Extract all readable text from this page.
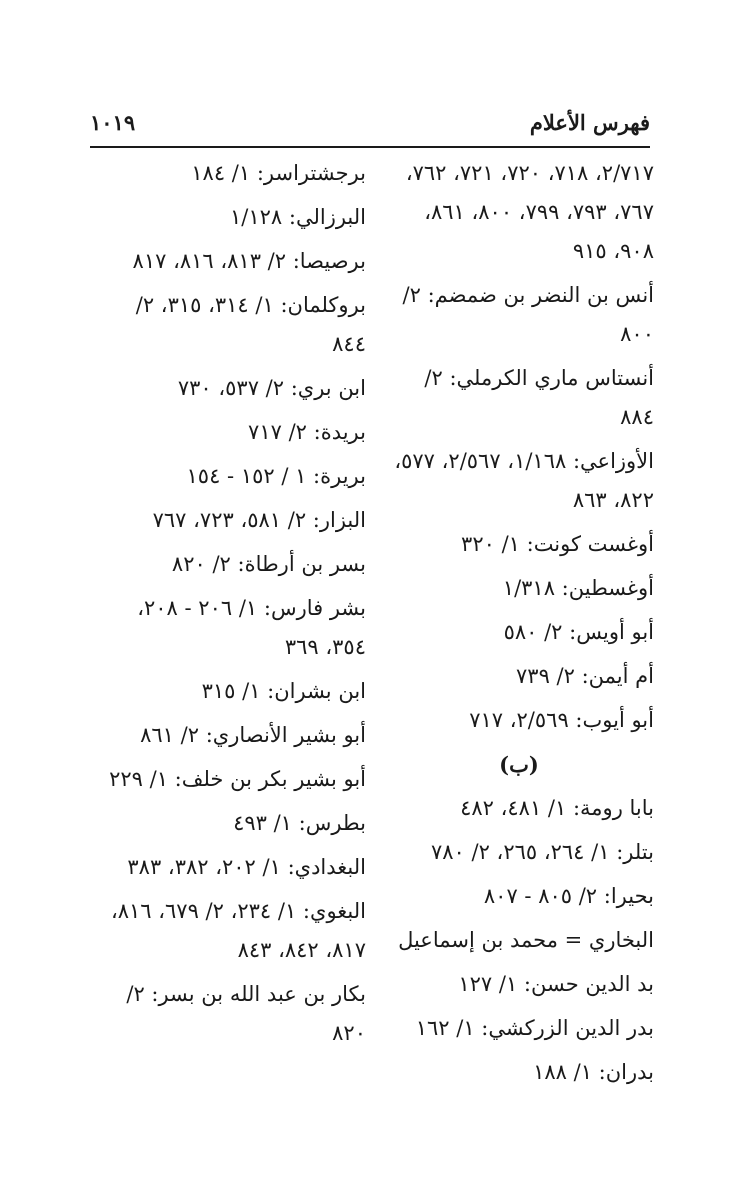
فهرس الأعلام
١٠١٩
٢/٧١٧، ٧١٨، ٧٢٠، ٧٢١، ٧٦٢، ٧٦٧، ٧٩٣، ٧٩٩، ٨٠٠، ٨٦١، ٩٠٨، ٩١٥
أنس بن النضر بن ضمضم: ٢/ ٨٠٠
أنستاس ماري الكرملي: ٢/ ٨٨٤
الأوزاعي: ١/١٦٨، ٢/٥٦٧، ٥٧٧، ٨٢٢، ٨٦٣
أوغست كونت: ١/ ٣٢٠
أوغسطين: ١/٣١٨
أبو أويس: ٢/ ٥٨٠
أم أيمن: ٢/ ٧٣٩
أبو أيوب: ٢/٥٦٩، ٧١٧
(ب)
بابا رومة: ١/ ٤٨١، ٤٨٢
بتلر: ١/ ٢٦٤، ٢٦٥، ٢/ ٧٨٠
بحيرا: ٢/ ٨٠٥ - ٨٠٧
البخاري = محمد بن إسماعيل
بد الدين حسن: ١/ ١٢٧
بدر الدين الزركشي: ١/ ١٦٢
بدران: ١/ ١٨٨
برجشتراسر: ١/ ١٨٤
البرزالي: ١/١٢٨
برصيصا: ٢/ ٨١٣، ٨١٦، ٨١٧
بروكلمان: ١/ ٣١٤، ٣١٥، ٢/ ٨٤٤
ابن بري: ٢/ ٥٣٧، ٧٣٠
بريدة: ٢/ ٧١٧
بريرة: ١ / ١٥٢ - ١٥٤
البزار: ٢/ ٥٨١، ٧٢٣، ٧٦٧
بسر بن أرطاة: ٢/ ٨٢٠
بشر فارس: ١/ ٢٠٦ - ٢٠٨، ٣٥٤، ٣٦٩
ابن بشران: ١/ ٣١٥
أبو بشير الأنصاري: ٢/ ٨٦١
أبو بشير بكر بن خلف: ١/ ٢٢٩
بطرس: ١/ ٤٩٣
البغدادي: ١/ ٢٠٢، ٣٨٢، ٣٨٣
البغوي: ١/ ٢٣٤، ٢/ ٦٧٩، ٨١٦، ٨١٧، ٨٤٢، ٨٤٣
بكار بن عبد الله بن بسر: ٢/ ٨٢٠
